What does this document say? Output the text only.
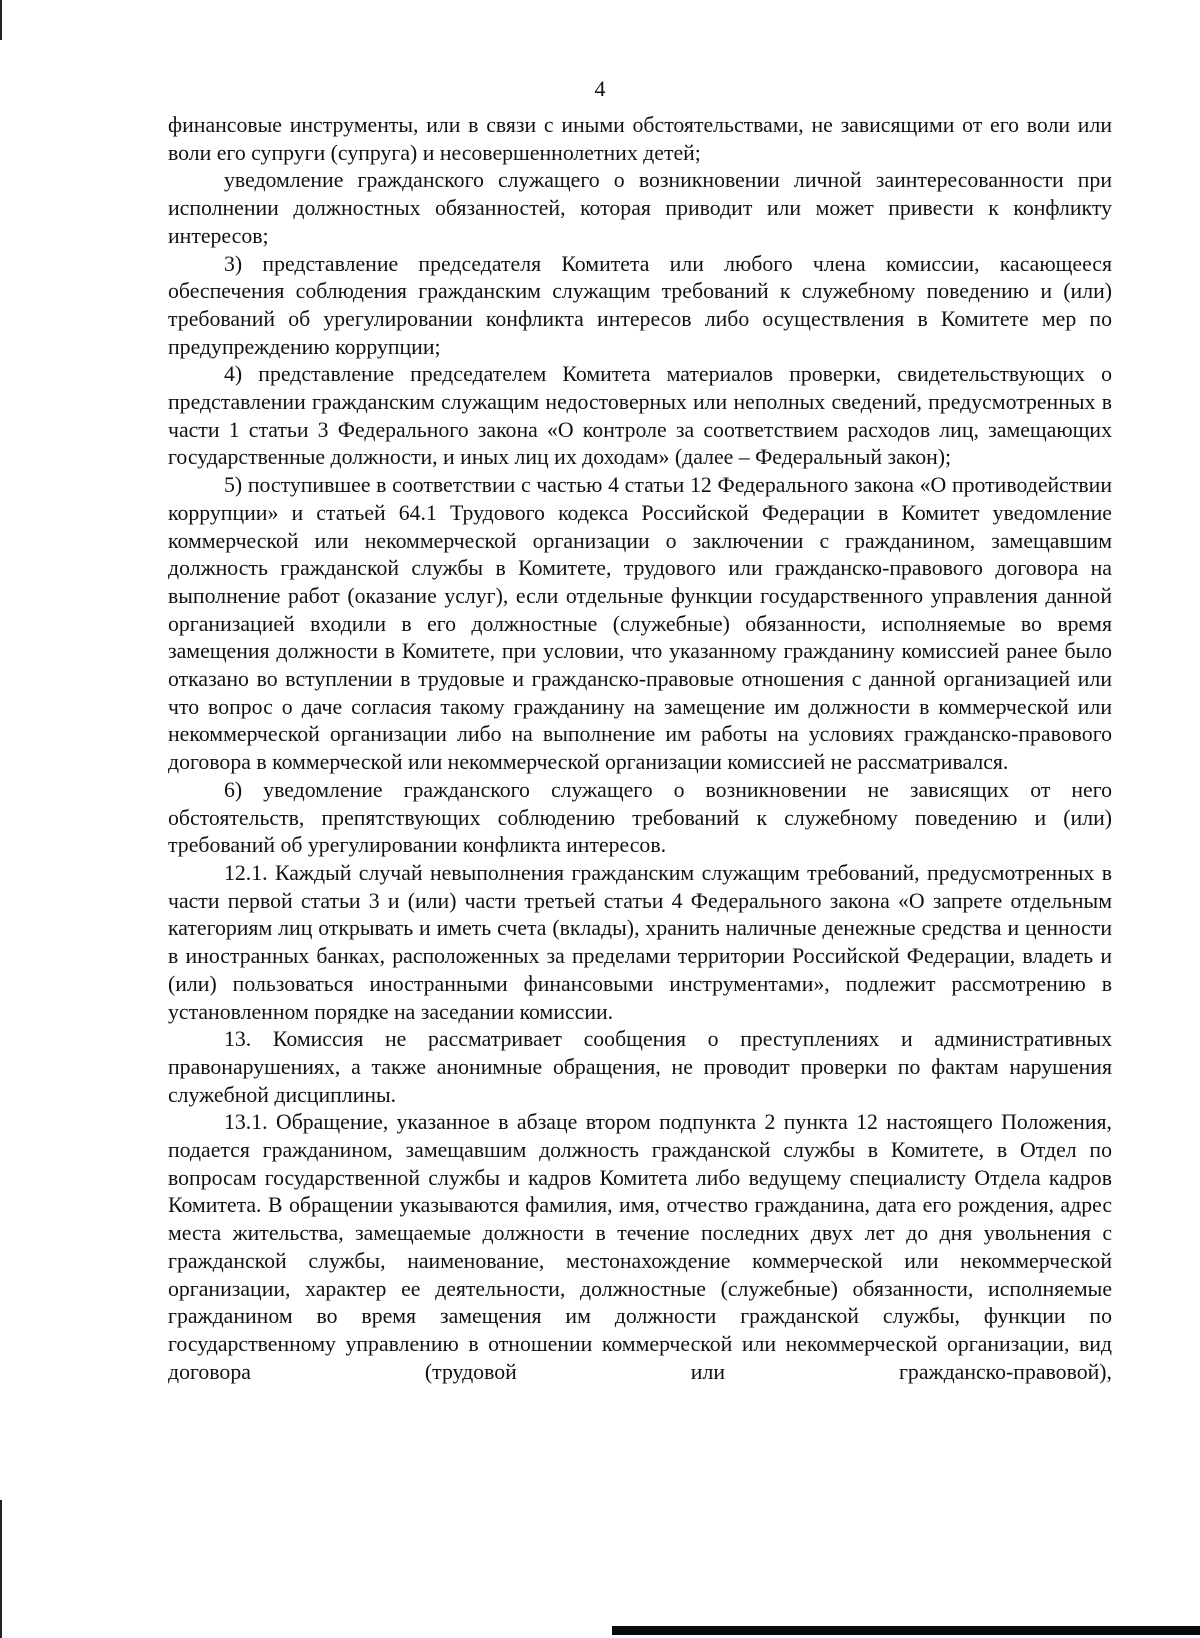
4

финансовые инструменты, или в связи с иными обстоятельствами, не зависящими от его воли или воли его супруги (супруга) и несовершеннолетних детей;

уведомление гражданского служащего о возникновении личной заинтересованности при исполнении должностных обязанностей, которая приводит или может привести к конфликту интересов;

3) представление председателя Комитета или любого члена комиссии, касающееся обеспечения соблюдения гражданским служащим требований к служебному поведению и (или) требований об урегулировании конфликта интересов либо осуществления в Комитете мер по предупреждению коррупции;

4) представление председателем Комитета материалов проверки, свидетельствующих о представлении гражданским служащим недостоверных или неполных сведений, предусмотренных в части 1 статьи 3 Федерального закона «О контроле за соответствием расходов лиц, замещающих государственные должности, и иных лиц их доходам» (далее – Федеральный закон);

5) поступившее в соответствии с частью 4 статьи 12 Федерального закона «О противодействии коррупции» и статьей 64.1 Трудового кодекса Российской Федерации в Комитет уведомление коммерческой или некоммерческой организации о заключении с гражданином, замещавшим должность гражданской службы в Комитете, трудового или гражданско-правового договора на выполнение работ (оказание услуг), если отдельные функции государственного управления данной организацией входили в его должностные (служебные) обязанности, исполняемые во время замещения должности в Комитете, при условии, что указанному гражданину комиссией ранее было отказано во вступлении в трудовые и гражданско-правовые отношения с данной организацией или что вопрос о даче согласия такому гражданину на замещение им должности в коммерческой или некоммерческой организации либо на выполнение им работы на условиях гражданско-правового договора в коммерческой или некоммерческой организации комиссией не рассматривался.

6) уведомление гражданского служащего о возникновении не зависящих от него обстоятельств, препятствующих соблюдению требований к служебному поведению и (или) требований об урегулировании конфликта интересов.

12.1. Каждый случай невыполнения гражданским служащим требований, предусмотренных в части первой статьи 3 и (или) части третьей статьи 4 Федерального закона «О запрете отдельным категориям лиц открывать и иметь счета (вклады), хранить наличные денежные средства и ценности в иностранных банках, расположенных за пределами территории Российской Федерации, владеть и (или) пользоваться иностранными финансовыми инструментами», подлежит рассмотрению в установленном порядке на заседании комиссии.

13. Комиссия не рассматривает сообщения о преступлениях и административных правонарушениях, а также анонимные обращения, не проводит проверки по фактам нарушения служебной дисциплины.

13.1. Обращение, указанное в абзаце втором подпункта 2 пункта 12 настоящего Положения, подается гражданином, замещавшим должность гражданской службы в Комитете, в Отдел по вопросам государственной службы и кадров Комитета либо ведущему специалисту Отдела кадров Комитета. В обращении указываются фамилия, имя, отчество гражданина, дата его рождения, адрес места жительства, замещаемые должности в течение последних двух лет до дня увольнения с гражданской службы, наименование, местонахождение коммерческой или некоммерческой организации, характер ее деятельности, должностные (служебные) обязанности, исполняемые гражданином во время замещения им должности гражданской службы, функции по государственному управлению в отношении коммерческой или некоммерческой организации, вид договора (трудовой или гражданско-правовой),
